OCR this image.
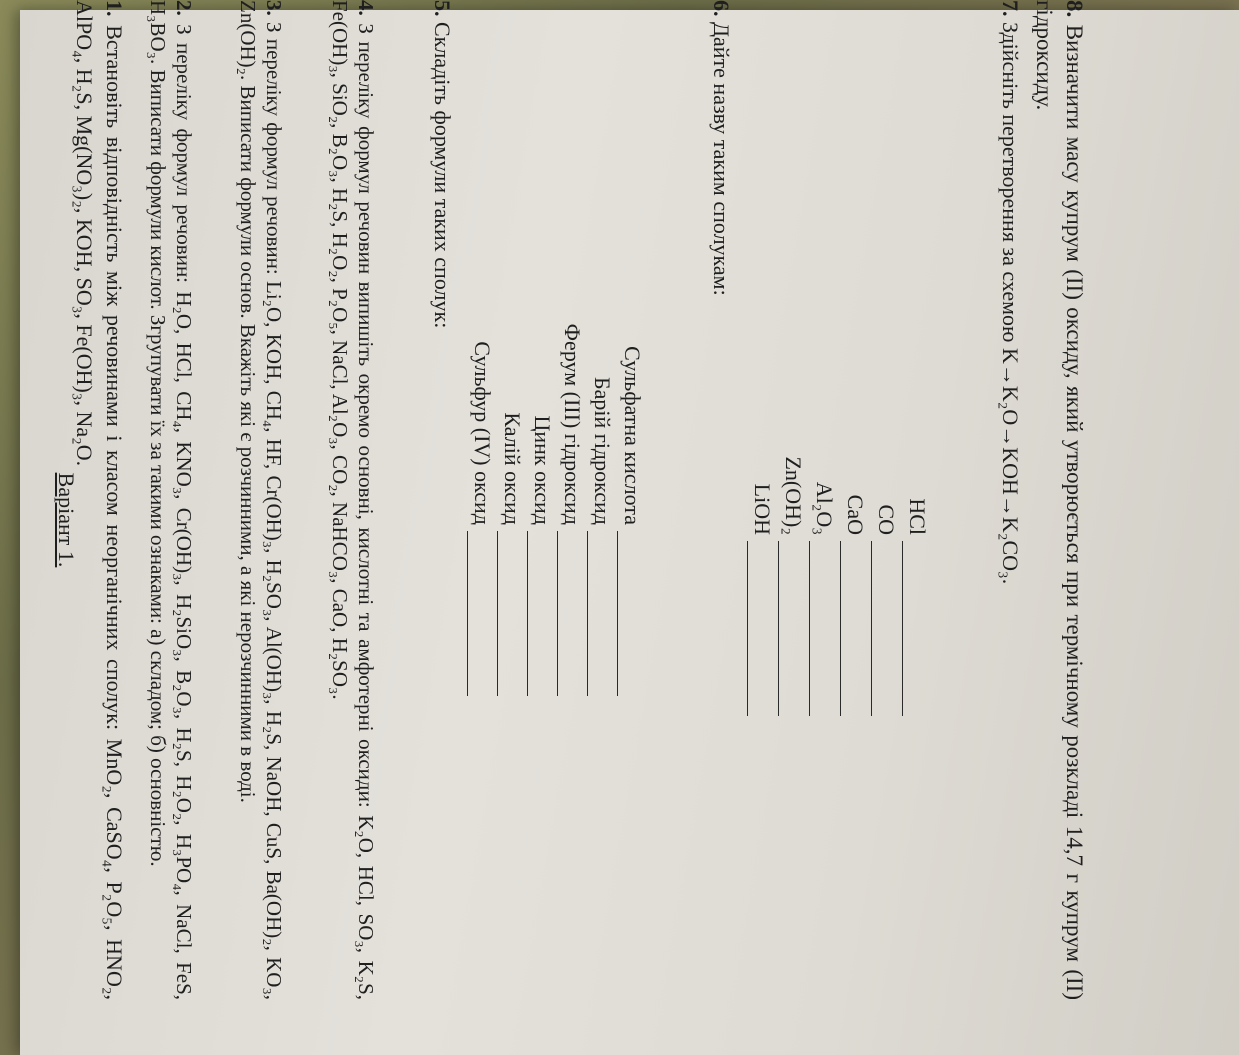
Варіант 1.
1. Встановіть відповідність між речовинами і класом неорганічних сполук: MnO₂, CaSO₄, P₂O₅, HNO₂, AlPO₄, H₂S, Mg(NO₃)₂, KOH, SO₃, Fe(OH)₃, Na₂O.	2. З переліку формул речовин: H₂O, HCl, CH₄, KNO₃, Cr(OH)₃, H₂SiO₃, B₂O₃, H₂S, H₂O₂, H₃PO₄, NaCl, FeS, H₃BO₃. Виписати формули кислот. Згрупувати їх за такими ознаками: а) складом; б) основністю.	3. З переліку формул речовин: Li₂O, KOH, CH₄, HF, Cr(OH)₃, H₂SO₃, Al(OH)₃, H₂S, NaOH, CuS, Ba(OH)₂, KO₃, Zn(OH)₂. Виписати формули основ. Вкажіть які є розчинними, а які нерозчинними в воді.	4. З переліку формул речовин випишіть окремо основні, кислотні та амфотерні оксиди: K₂O, HCl, SO₃, K₂S, Fe(OH)₃, SiO₂, B₂O₃, H₂S, H₂O₂, P₂O₅, NaCl, Al₂O₃, CO₂, NaHCO₃, CaO, H₂SO₃.	5. Складіть формули таких сполук:
Сульфур (IV) оксид Калій оксид Цинк оксид Ферум (III) гідроксид Барій гідроксид Сульфатна кислота
6. Дайте назву таким сполукам:
LiOH Zn(OH)₂ Al₂O₃ CaO CO HCl
7. Здійсніть перетворення за схемою K→K₂O→KOH→K₂CO₃.
8. Визначити масу купрум (II) оксиду, який утворюється при термічному розкладі 14,7 г купрум (II) гідроксиду.
